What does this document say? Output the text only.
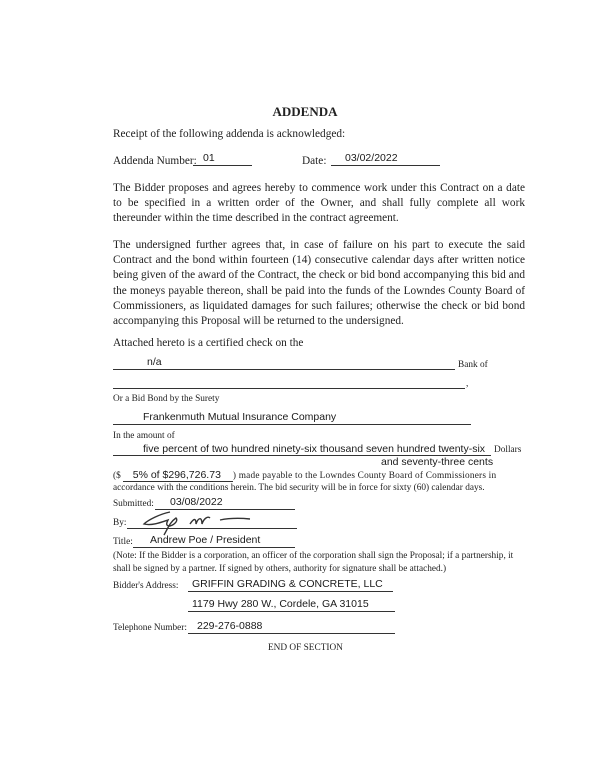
ADDENDA
Receipt of the following addenda is acknowledged:
Addenda Number: 01	Date: 03/02/2022
The Bidder proposes and agrees hereby to commence work under this Contract on a date to be specified in a written order of the Owner, and shall fully complete all work thereunder within the time described in the contract agreement.
The undersigned further agrees that, in case of failure on his part to execute the said Contract and the bond within fourteen (14) consecutive calendar days after written notice being given of the award of the Contract, the check or bid bond accompanying this bid and the moneys payable thereon, shall be paid into the funds of the Lowndes County Board of Commissioners, as liquidated damages for such failures; otherwise the check or bid bond accompanying this Proposal will be returned to the undersigned.
Attached hereto is a certified check on the
n/a	Bank of
,
Or a Bid Bond by the Surety
Frankenmuth Mutual Insurance Company
In the amount of
five percent of two hundred ninety-six thousand seven hundred twenty-six Dollars
and seventy-three cents
($	5% of $296,726.73	) made payable to the Lowndes County Board of Commissioners in
accordance with the conditions herein. The bid security will be in force for sixty (60) calendar days.
Submitted: 03/08/2022
By:
Title: Andrew Poe / President
(Note: If the Bidder is a corporation, an officer of the corporation shall sign the Proposal; if a partnership, it
shall be signed by a partner. If signed by others, authority for signature shall be attached.)
Bidder's Address: GRIFFIN GRADING & CONCRETE, LLC
1179 Hwy 280 W., Cordele, GA 31015
Telephone Number: 229-276-0888
END OF SECTION
